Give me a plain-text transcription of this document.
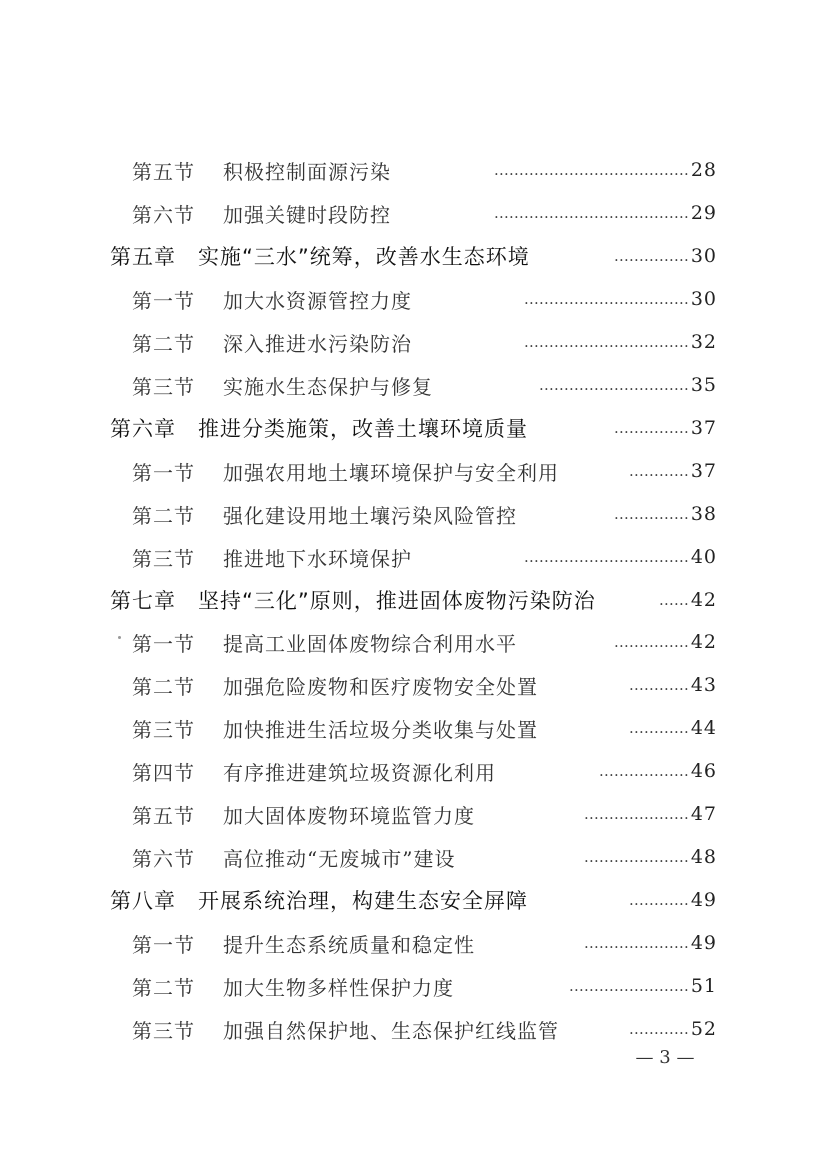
第五节 积极控制面源污染	………………………………… 28
第六节 加强关键时段防控	………………………………… 29
第五章 实施“三水”统筹，改善水生态环境	…………… 30
第一节 加大水资源管控力度	…………………………… 30
第二节 深入推进水污染防治	…………………………… 32
第三节 实施水生态保护与修复	………………………… 35
第六章 推进分类施策，改善土壤环境质量	…………… 37
第一节 加强农用地土壤环境保护与安全利用	………… 37
第二节 强化建设用地土壤污染风险管控	…………… 38
第三节 推进地下水环境保护	…………………………… 40
第七章 坚持“三化”原则，推进固体废物污染防治	…… 42
第一节 提高工业固体废物综合利用水平	…………… 42
第二节 加强危险废物和医疗废物安全处置	………… 43
第三节 加快推进生活垃圾分类收集与处置	………… 44
第四节 有序推进建筑垃圾资源化利用	……………… 46
第五节 加大固体废物环境监管力度	………………… 47
第六节 高位推动“无废城市”建设	………………… 48
第八章 开展系统治理，构建生态安全屏障	………… 49
第一节 提升生态系统质量和稳定性	………………… 49
第二节 加大生物多样性保护力度	…………………… 51
第三节 加强自然保护地、生态保护红线监管	………… 52
— 3 —
